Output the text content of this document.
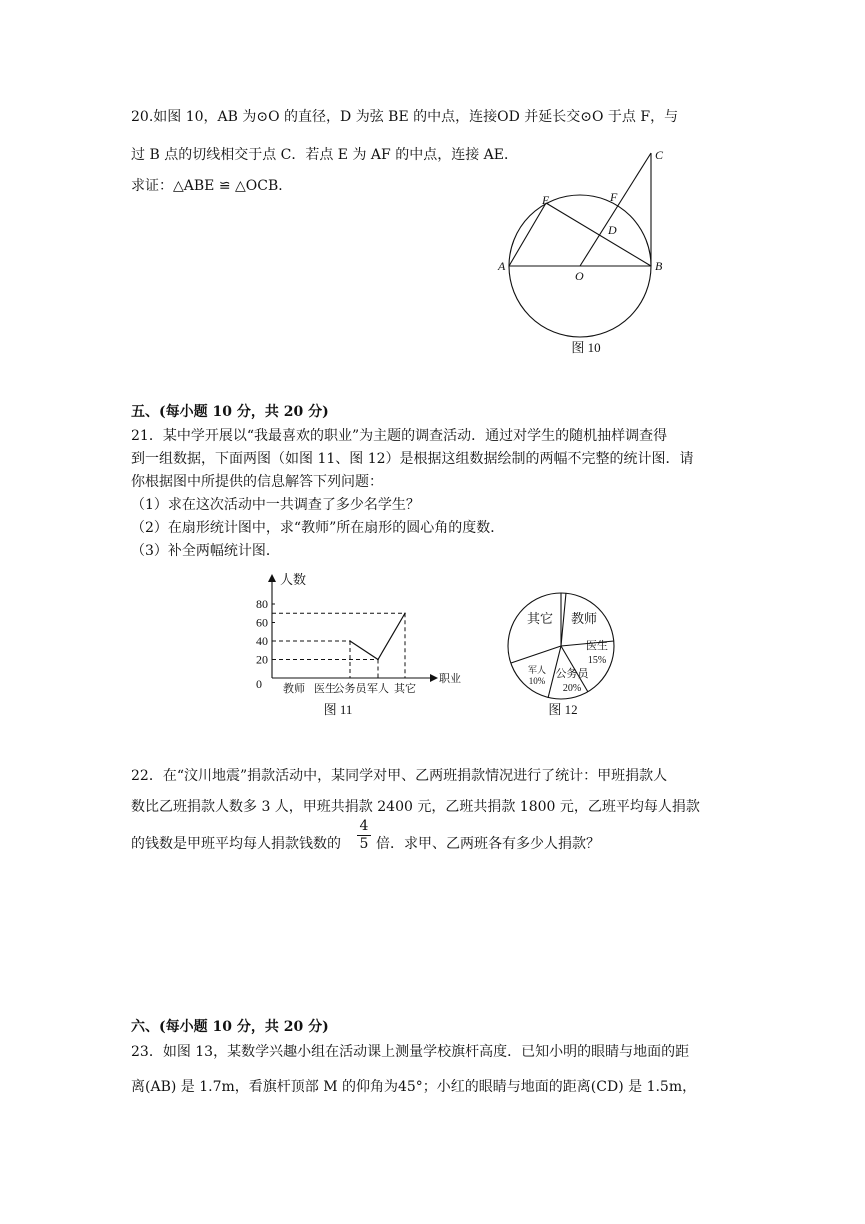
20.如图 10，AB 为⊙O 的直径，D 为弦 BE 的中点，连接OD 并延长交⊙O 于点 F，与
过 B 点的切线相交于点 C．若点 E 为 AF 的中点，连接 AE．
求证：△ABE ≌ △OCB．
A	B
C
D
E	F
O
图 10
五、(每小题 10 分，共 20 分)
21．某中学开展以“我最喜欢的职业”为主题的调查活动．通过对学生的随机抽样调查得
到一组数据，下面两图（如图 11、图 12）是根据这组数据绘制的两幅不完整的统计图．请
你根据图中所提供的信息解答下列问题：
（1）求在这次活动中一共调查了多少名学生？
（2）在扇形统计图中，求“教师”所在扇形的圆心角的度数．
（3）补全两幅统计图．
0
20
40
60
80
教师 医生
公务员 军人 其它
人数
职业
图 11
其它 教师
医生
15%
公务员
20%
军人
10%
图 12
22．在“汶川地震”捐款活动中，某同学对甲、乙两班捐款情况进行了统计：甲班捐款人
数比乙班捐款人数多 3 人，甲班共捐款 2400 元，乙班共捐款 1800 元，乙班平均每人捐款
的钱数是甲班平均每人捐款钱数的
4
5 倍．求甲、乙两班各有多少人捐款？
六、(每小题 10 分，共 20 分)
23．如图 13，某数学兴趣小组在活动课上测量学校旗杆高度．已知小明的眼睛与地面的距
离(AB) 是 1.7m，看旗杆顶部 M 的仰角为45°；小红的眼睛与地面的距离(CD) 是 1.5m，
